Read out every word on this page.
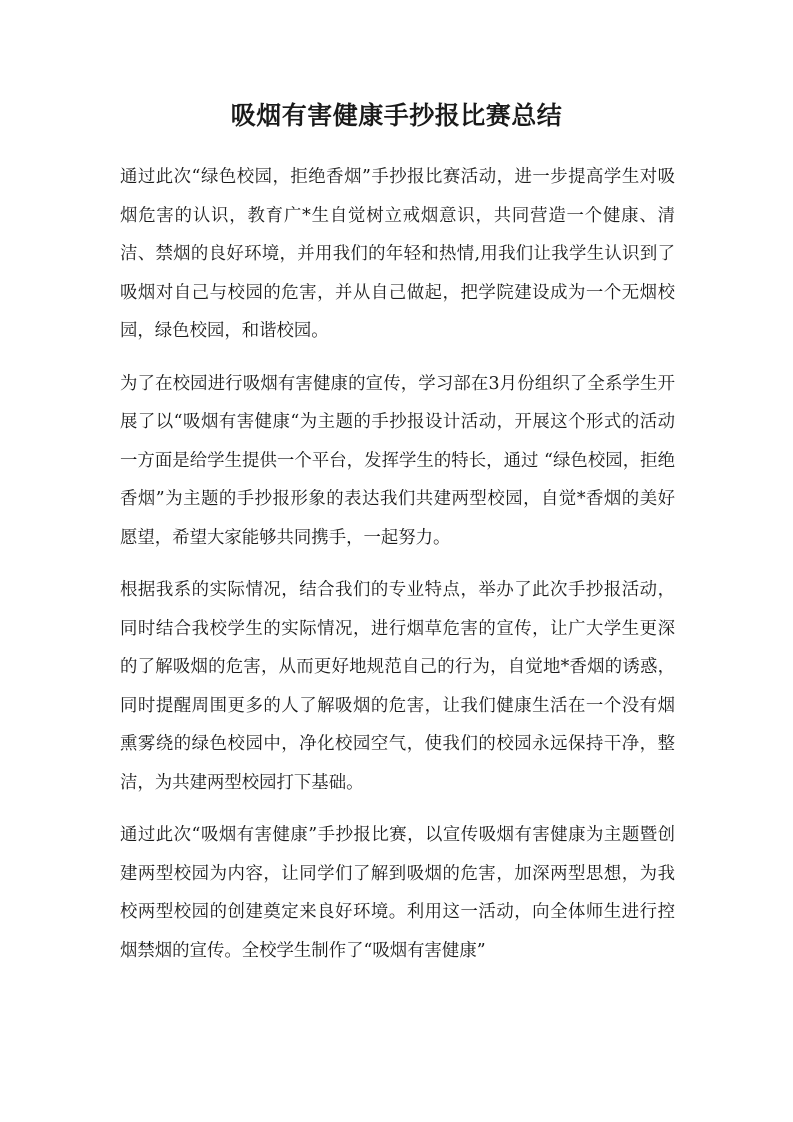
吸烟有害健康手抄报比赛总结

通过此次“绿色校园，拒绝香烟”手抄报比赛活动，进一步提高学生对吸烟危害的认识，教育广*生自觉树立戒烟意识，共同营造一个健康、清洁、禁烟的良好环境，并用我们的年轻和热情,用我们让我学生认识到了吸烟对自己与校园的危害，并从自己做起，把学院建设成为一个无烟校园，绿色校园，和谐校园。

为了在校园进行吸烟有害健康的宣传，学习部在3月份组织了全系学生开展了以“吸烟有害健康“为主题的手抄报设计活动，开展这个形式的活动一方面是给学生提供一个平台，发挥学生的特长，通过 “绿色校园，拒绝香烟”为主题的手抄报形象的表达我们共建两型校园，自觉*香烟的美好愿望，希望大家能够共同携手，一起努力。

根据我系的实际情况，结合我们的专业特点，举办了此次手抄报活动，同时结合我校学生的实际情况，进行烟草危害的宣传，让广大学生更深的了解吸烟的危害，从而更好地规范自己的行为，自觉地*香烟的诱惑，同时提醒周围更多的人了解吸烟的危害，让我们健康生活在一个没有烟熏雾绕的绿色校园中，净化校园空气，使我们的校园永远保持干净，整洁，为共建两型校园打下基础。

通过此次“吸烟有害健康”手抄报比赛，以宣传吸烟有害健康为主题暨创建两型校园为内容，让同学们了解到吸烟的危害，加深两型思想，为我校两型校园的创建奠定来良好环境。利用这一活动，向全体师生进行控烟禁烟的宣传。全校学生制作了“吸烟有害健康”
